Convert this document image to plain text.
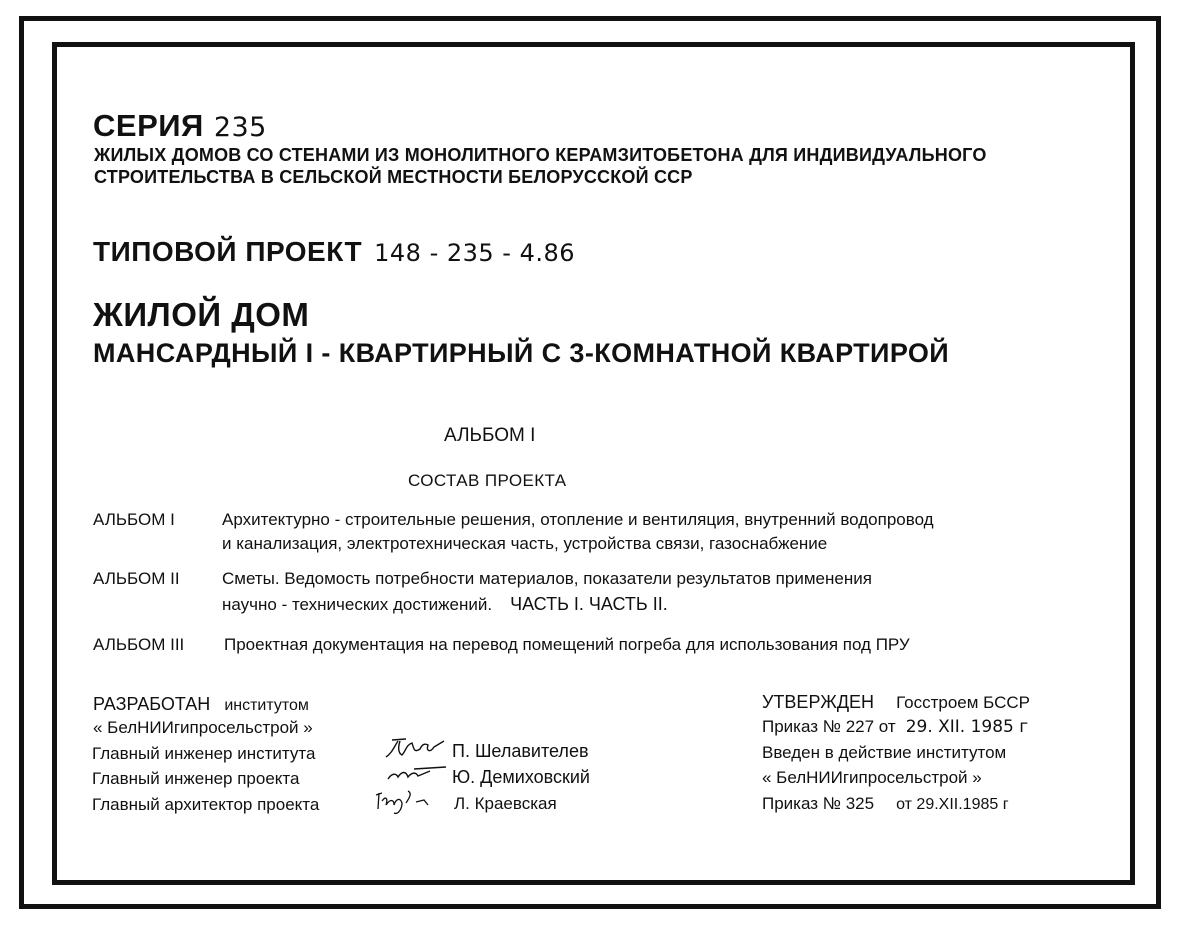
СЕРИЯ 235
ЖИЛЫХ ДОМОВ СО СТЕНАМИ ИЗ МОНОЛИТНОГО КЕРАМЗИТОБЕТОНА ДЛЯ ИНДИВИДУАЛЬНОГО
СТРОИТЕЛЬСТВА В СЕЛЬСКОЙ МЕСТНОСТИ БЕЛОРУССКОЙ ССР
ТИПОВОЙ ПРОЕКТ 148 - 235 - 4.86
ЖИЛОЙ ДОМ
МАНСАРДНЫЙ І - КВАРТИРНЫЙ С 3-КОМНАТНОЙ КВАРТИРОЙ
АЛЬБОМ І
СОСТАВ ПРОЕКТА
АЛЬБОМ І	Архитектурно - строительные решения, отопление и вентиляция, внутренний водопровод
и канализация, электротехническая часть, устройства связи, газоснабжение
АЛЬБОМ ІІ Сметы. Ведомость потребности материалов, показатели результатов применения
научно - технических достижений. ЧАСТЬ І. ЧАСТЬ ІІ.
АЛЬБОМ ІІІ Проектная документация на перевод помещений погреба для использования под ПРУ
РАЗРАБОТАН институтом
« БелНИИгипросельстрой »
Главный инженер института	П. Шелавителев
Главный инженер проекта	Ю. Демиховский
Главный архитектор проекта	Л. Краевская
УТВЕРЖДЕН Госстроем БССР
Приказ № 227 от 29. XII. 1985 г
Введен в действие институтом
« БелНИИгипросельстрой »
Приказ № 325 от 29.XII.1985 г
